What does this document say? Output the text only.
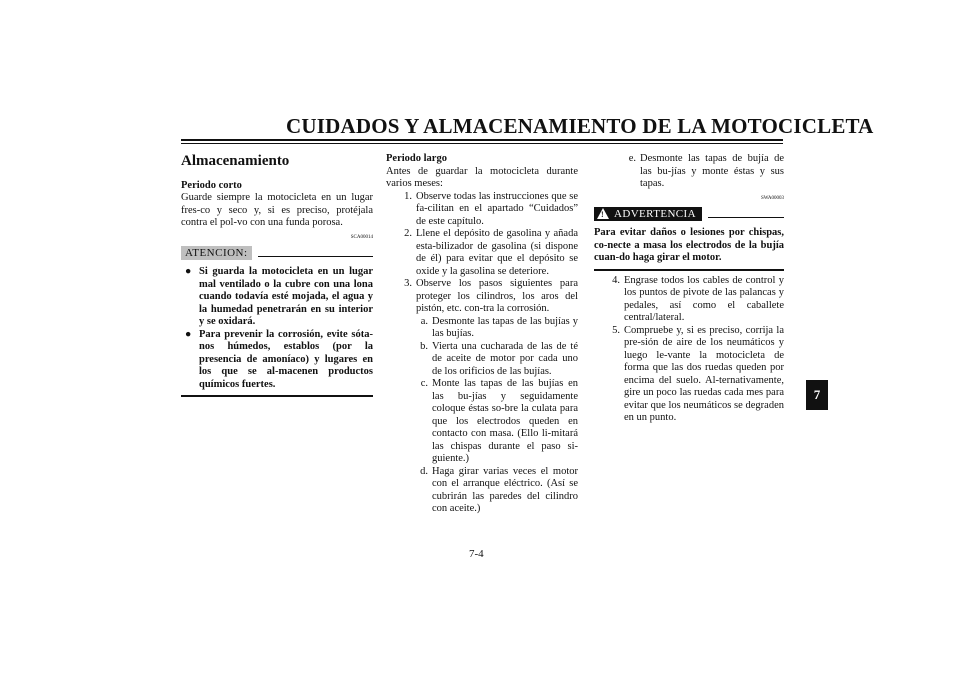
CUIDADOS Y ALMACENAMIENTO DE LA MOTOCICLETA
Almacenamiento
Periodo corto
Guarde siempre la motocicleta en un lugar fres-co y seco y, si es preciso, protéjala contra el pol-vo con una funda porosa.
SCA00014
ATENCION:
● Si guarda la motocicleta en un lugar mal ventilado o la cubre con una lona cuando todavía esté mojada, el agua y la humedad penetrarán en su interior y se oxidará.
● Para prevenir la corrosión, evite sóta-nos húmedos, establos (por la presencia de amoníaco) y lugares en los que se al-macenen productos químicos fuertes.
Periodo largo
Antes de guardar la motocicleta durante varios meses:
1. Observe todas las instrucciones que se fa-cilitan en el apartado “Cuidados” de este capítulo.
2. Llene el depósito de gasolina y añada esta-bilizador de gasolina (si dispone de él) para evitar que el depósito se oxide y la gasolina se deteriore.
3. Observe los pasos siguientes para proteger los cilindros, los aros del pistón, etc. con-tra la corrosión.
a. Desmonte las tapas de las bujías y las bujías.
b. Vierta una cucharada de las de té de aceite de motor por cada uno de los orificios de las bujías.
c. Monte las tapas de las bujías en las bu-jías y seguidamente coloque éstas so-bre la culata para que los electrodos queden en contacto con masa. (Ello li-mitará las chispas durante el paso si-guiente.)
d. Haga girar varias veces el motor con el arranque eléctrico. (Así se cubrirán las paredes del cilindro con aceite.)
e. Desmonte las tapas de bujía de las bu-jías y monte éstas y sus tapas.
SWA00003
! ADVERTENCIA
Para evitar daños o lesiones por chispas, co-necte a masa los electrodos de la bujía cuan-do haga girar el motor.
4. Engrase todos los cables de control y los puntos de pivote de las palancas y pedales, así como el caballete central/lateral.
5. Compruebe y, si es preciso, corrija la pre-sión de aire de los neumáticos y luego le-vante la motocicleta de forma que las dos ruedas queden por encima del suelo. Al-ternativamente, gire un poco las ruedas cada mes para evitar que los neumáticos se degraden en un punto.
7-4
7
